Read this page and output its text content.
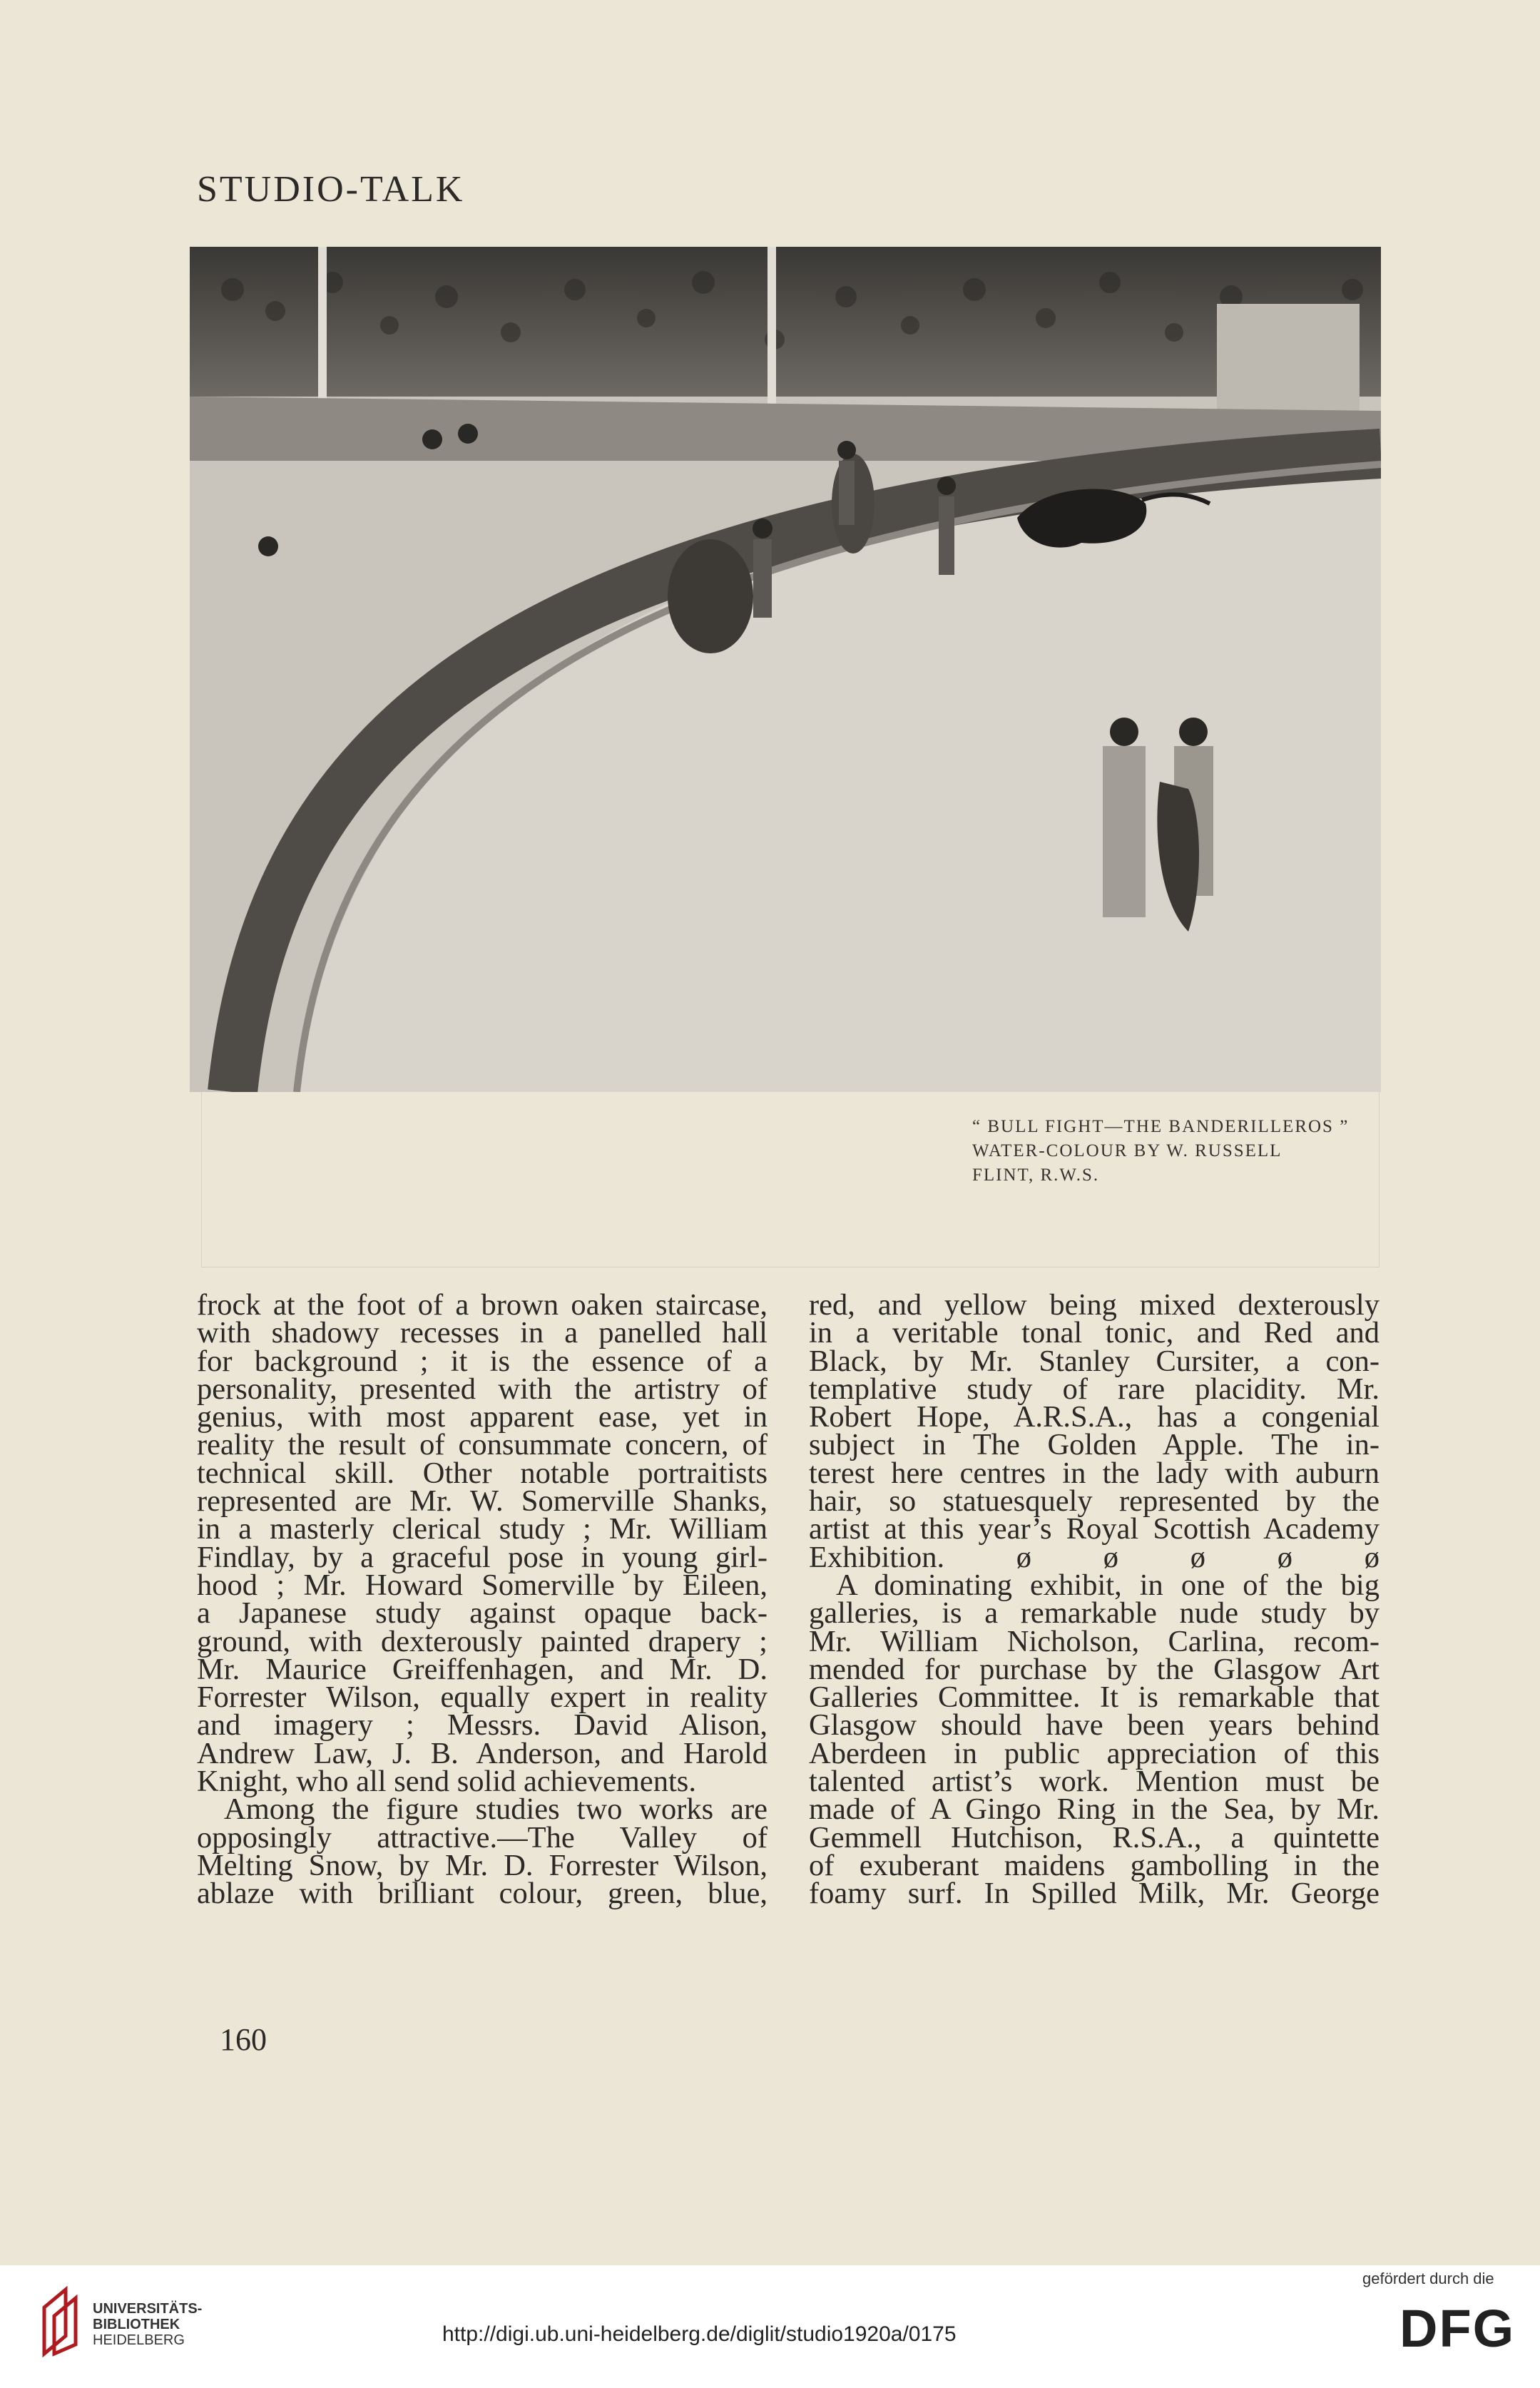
STUDIO-TALK
“ BULL FIGHT—THE BANDERILLEROS ”
WATER-COLOUR BY W. RUSSELL
FLINT, R.W.S.
frock at the foot of a brown oaken staircase,
with shadowy recesses in a panelled hall
for background ; it is the essence of a
personality, presented with the artistry of
genius, with most apparent ease, yet in
reality the result of consummate concern, of
technical skill. Other notable portraitists
represented are Mr. W. Somerville Shanks,
in a masterly clerical study ; Mr. William
Findlay, by a graceful pose in young girl-
hood ; Mr. Howard Somerville by Eileen,
a Japanese study against opaque back-
ground, with dexterously painted drapery ;
Mr. Maurice Greiffenhagen, and Mr. D.
Forrester Wilson, equally expert in reality
and imagery ; Messrs. David Alison,
Andrew Law, J. B. Anderson, and Harold
Knight, who all send solid achievements.
Among the figure studies two works are
opposingly attractive.—The Valley of
Melting Snow, by Mr. D. Forrester Wilson,
ablaze with brilliant colour, green, blue,
red, and yellow being mixed dexterously
in a veritable tonal tonic, and Red and
Black, by Mr. Stanley Cursiter, a con-
templative study of rare placidity. Mr.
Robert Hope, A.R.S.A., has a congenial
subject in The Golden Apple. The in-
terest here centres in the lady with auburn
hair, so statuesquely represented by the
artist at this year’s Royal Scottish Academy
Exhibition. ø ø ø ø ø
A dominating exhibit, in one of the big
galleries, is a remarkable nude study by
Mr. William Nicholson, Carlina, recom-
mended for purchase by the Glasgow Art
Galleries Committee. It is remarkable that
Glasgow should have been years behind
Aberdeen in public appreciation of this
talented artist’s work. Mention must be
made of A Gingo Ring in the Sea, by Mr.
Gemmell Hutchison, R.S.A., a quintette
of exuberant maidens gambolling in the
foamy surf. In Spilled Milk, Mr. George
160
UNIVERSITÄTS-
BIBLIOTHEK
HEIDELBERG	http://digi.ub.uni-heidelberg.de/diglit/studio1920a/0175
gefördert durch die
DFG
